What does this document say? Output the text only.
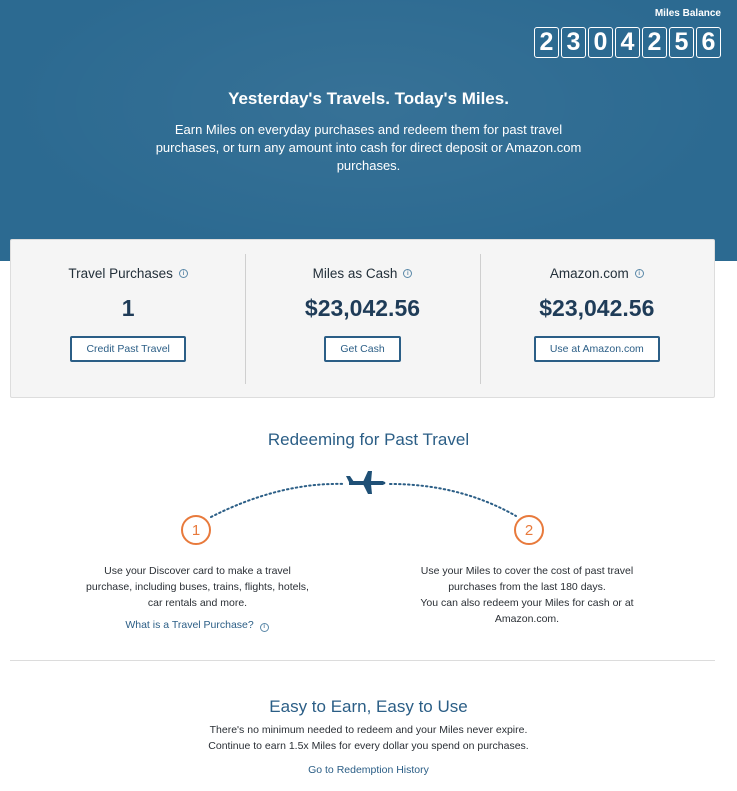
Miles Balance
2 3 0 4 2 5 6
Yesterday's Travels. Today's Miles.
Earn Miles on everyday purchases and redeem them for past travel purchases, or turn any amount into cash for direct deposit or Amazon.com purchases.
Travel Purchases	i
1
Credit Past Travel
Miles as Cash	i
$23,042.56
Get Cash
Amazon.com	i
$23,042.56
Use at Amazon.com
Redeeming for Past Travel
1	2
Use your Discover card to make a travel purchase, including buses, trains, flights, hotels, car rentals and more.
What is a Travel Purchase? i
Use your Miles to cover the cost of past travel purchases from the last 180 days.
You can also redeem your Miles for cash or at Amazon.com.
Easy to Earn, Easy to Use
There's no minimum needed to redeem and your Miles never expire.
Continue to earn 1.5x Miles for every dollar you spend on purchases.
Go to Redemption History
